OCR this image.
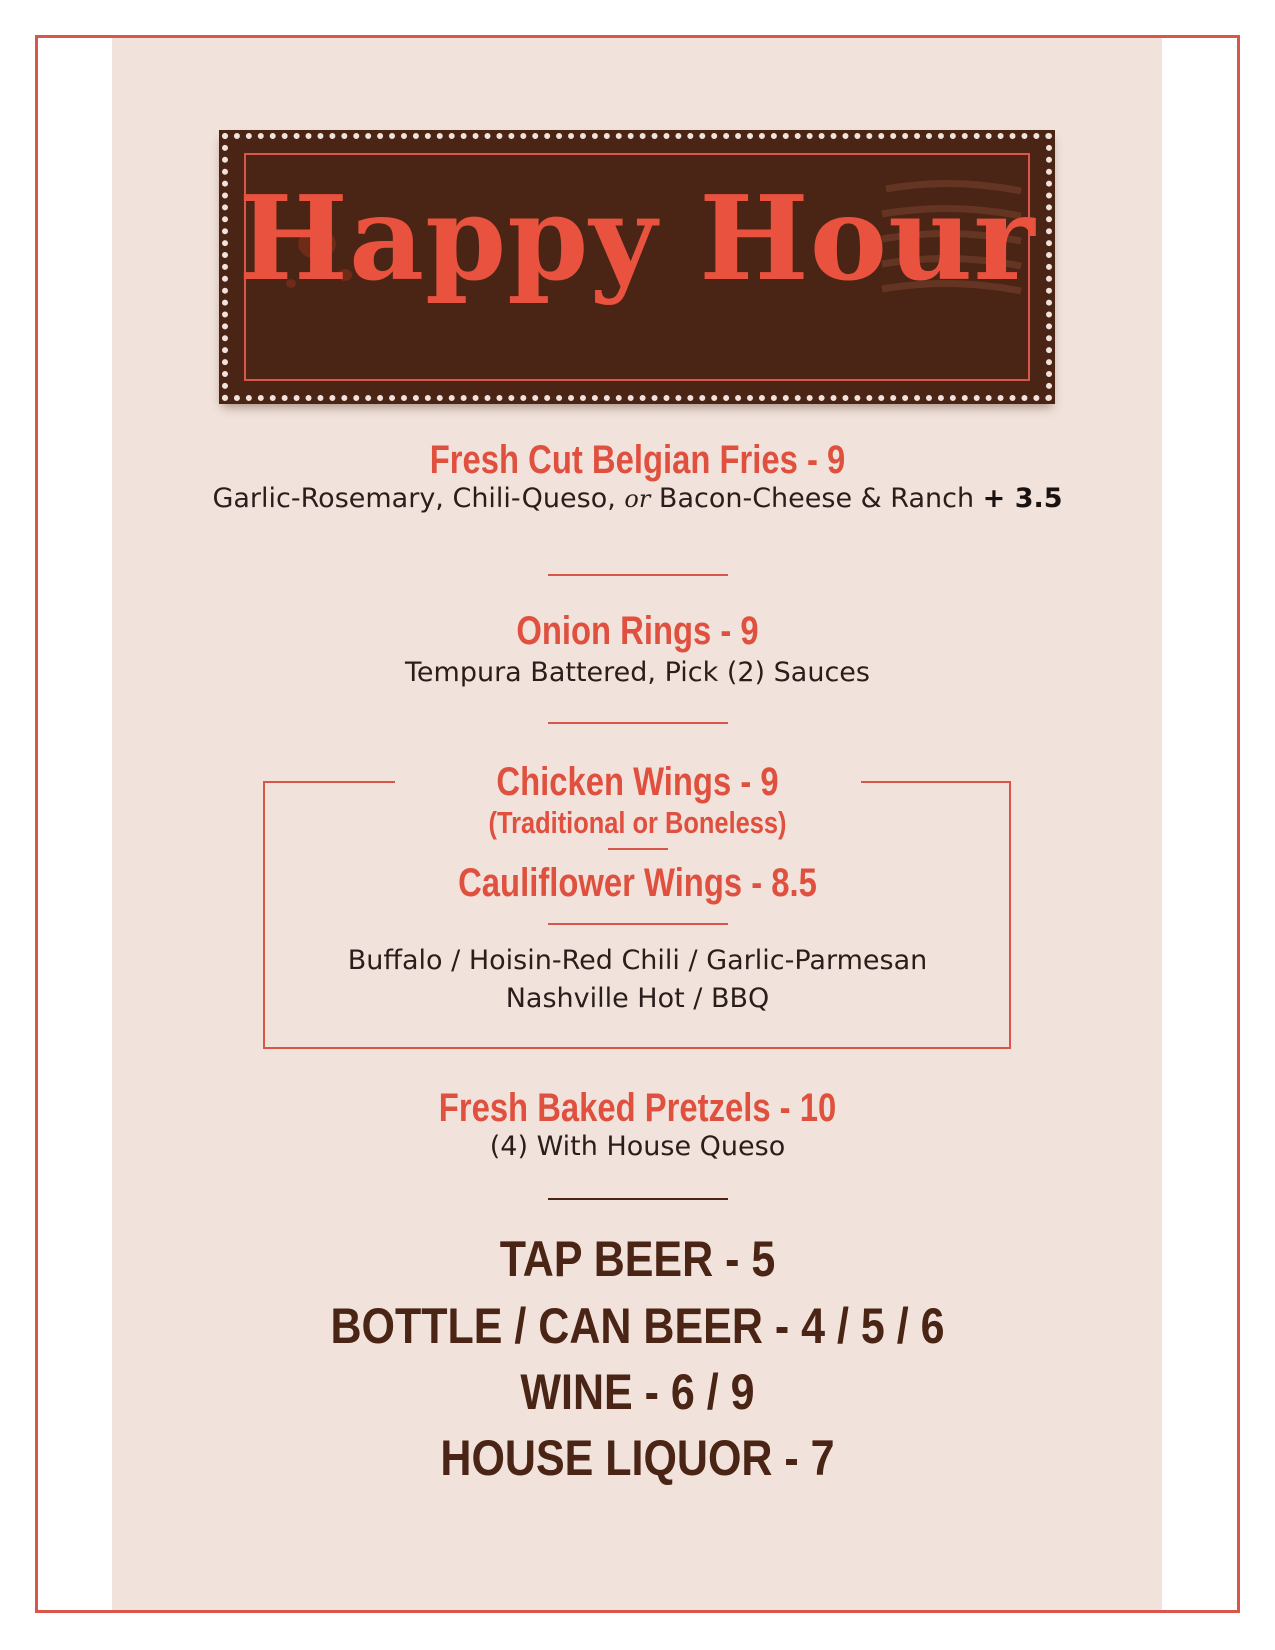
Happy Hour
Fresh Cut Belgian Fries - 9
Garlic-Rosemary, Chili-Queso, or Bacon-Cheese & Ranch + 3.5
Onion Rings - 9
Tempura Battered, Pick (2) Sauces
Chicken Wings - 9
(Traditional or Boneless)
Cauliflower Wings - 8.5
Buffalo / Hoisin-Red Chili / Garlic-Parmesan
Nashville Hot / BBQ
Fresh Baked Pretzels - 10
(4) With House Queso
TAP BEER - 5
BOTTLE / CAN BEER - 4 / 5 / 6
WINE - 6 / 9
HOUSE LIQUOR - 7
